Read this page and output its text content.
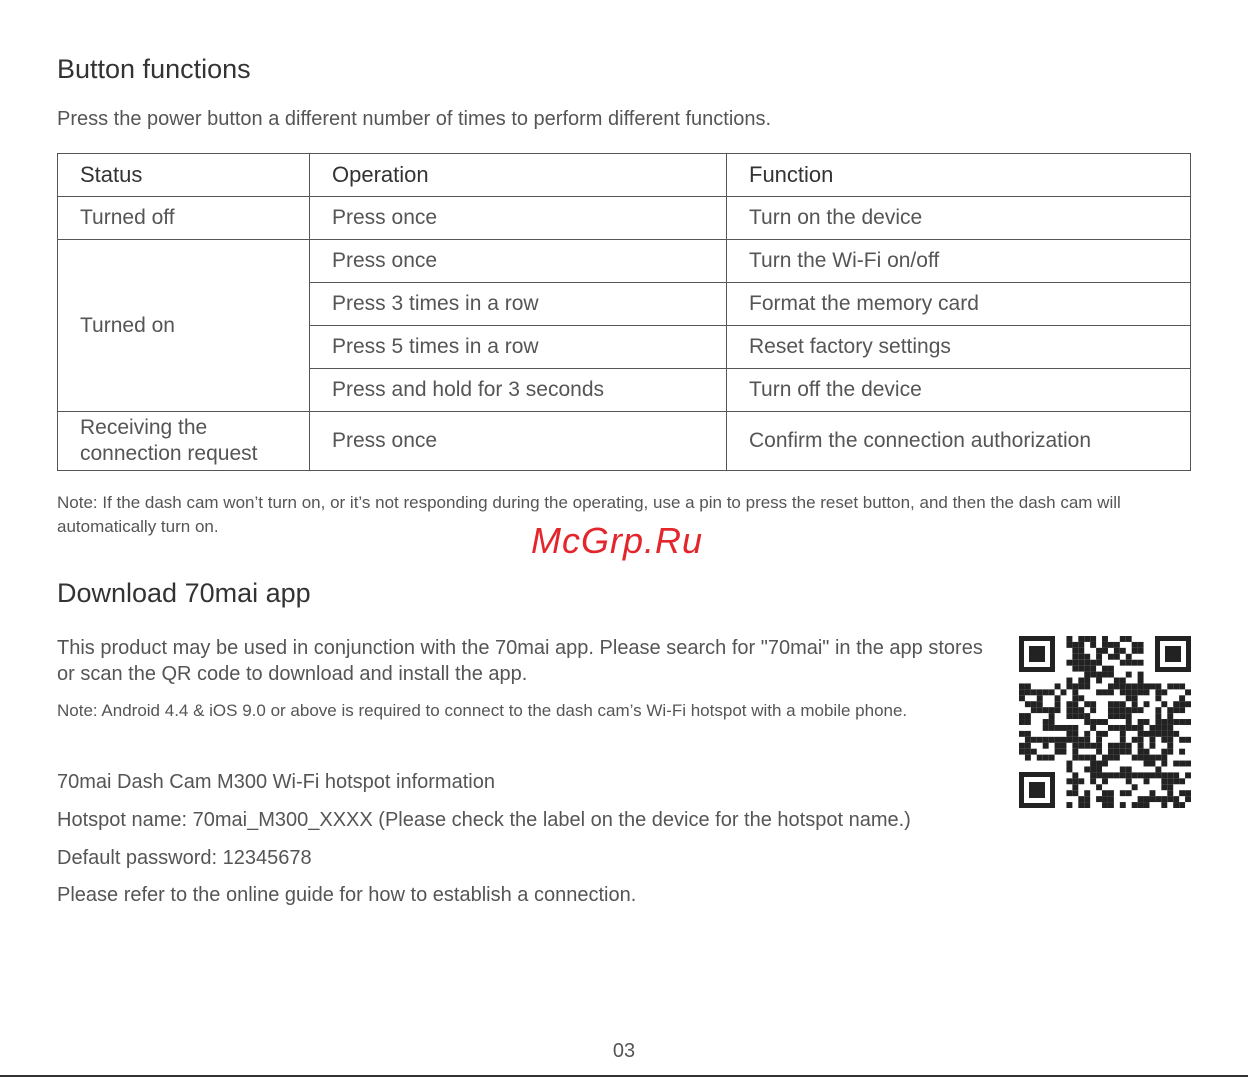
Button functions
Press the power button a different number of times to perform different functions.
Status	Operation	Function
Turned off	Press once	Turn on the device
Turned on	Press once	Turn the Wi-Fi on/off
	Press 3 times in a row	Format the memory card
	Press 5 times in a row	Reset factory settings
	Press and hold for 3 seconds	Turn off the device
Receiving the connection request	Press once	Confirm the connection authorization
Note: If the dash cam won’t turn on, or it’s not responding during the operating, use a pin to press the reset button, and then the dash cam will automatically turn on.	McGrp.Ru
Download 70mai app
This product may be used in conjunction with the 70mai app. Please search for "70mai" in the app stores or scan the QR code to download and install the app.
Note: Android 4.4 & iOS 9.0 or above is required to connect to the dash cam’s Wi-Fi hotspot with a mobile phone.
70mai Dash Cam M300 Wi-Fi hotspot information
Hotspot name: 70mai_M300_XXXX (Please check the label on the device for the hotspot name.)
Default password: 12345678
Please refer to the online guide for how to establish a connection.
03
